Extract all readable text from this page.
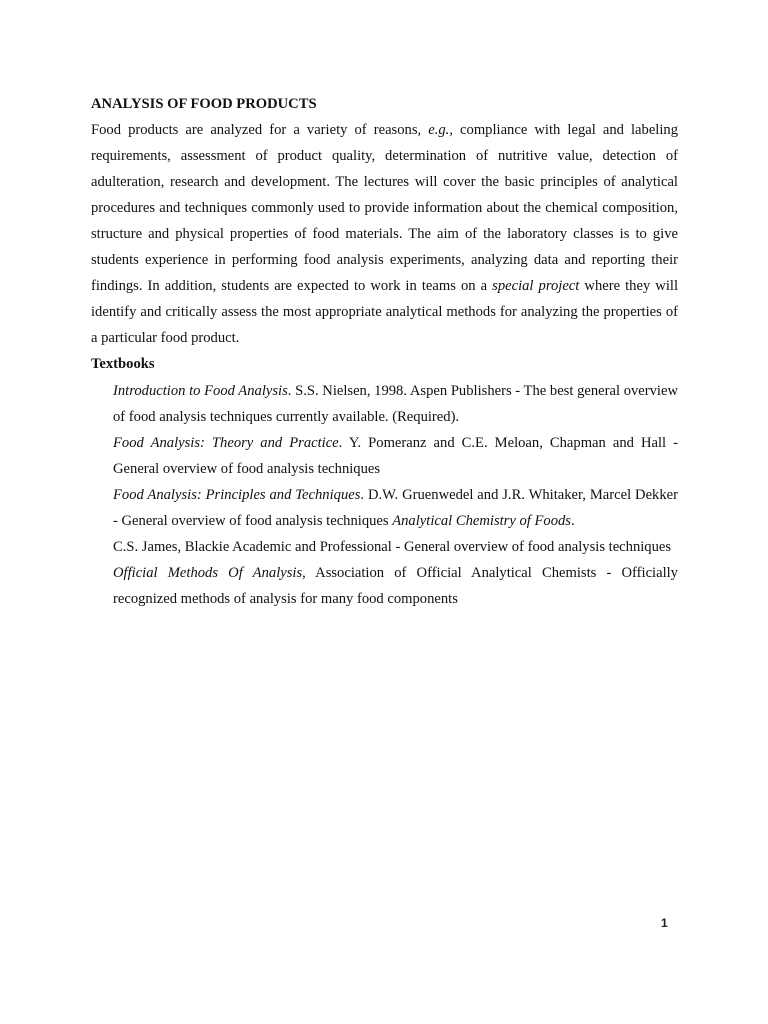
ANALYSIS OF FOOD PRODUCTS

Food products are analyzed for a variety of reasons, e.g., compliance with legal and labeling requirements, assessment of product quality, determination of nutritive value, detection of adulteration, research and development. The lectures will cover the basic principles of analytical procedures and techniques commonly used to provide information about the chemical composition, structure and physical properties of food materials. The aim of the laboratory classes is to give students experience in performing food analysis experiments, analyzing data and reporting their findings. In addition, students are expected to work in teams on a special project where they will identify and critically assess the most appropriate analytical methods for analyzing the properties of a particular food product.

Textbooks

Introduction to Food Analysis. S.S. Nielsen, 1998. Aspen Publishers - The best general overview of food analysis techniques currently available. (Required).

Food Analysis: Theory and Practice. Y. Pomeranz and C.E. Meloan, Chapman and Hall - General overview of food analysis techniques

Food Analysis: Principles and Techniques. D.W. Gruenwedel and J.R. Whitaker, Marcel Dekker - General overview of food analysis techniques Analytical Chemistry of Foods.

C.S. James, Blackie Academic and Professional - General overview of food analysis techniques

Official Methods Of Analysis, Association of Official Analytical Chemists - Officially recognized methods of analysis for many food components

1
